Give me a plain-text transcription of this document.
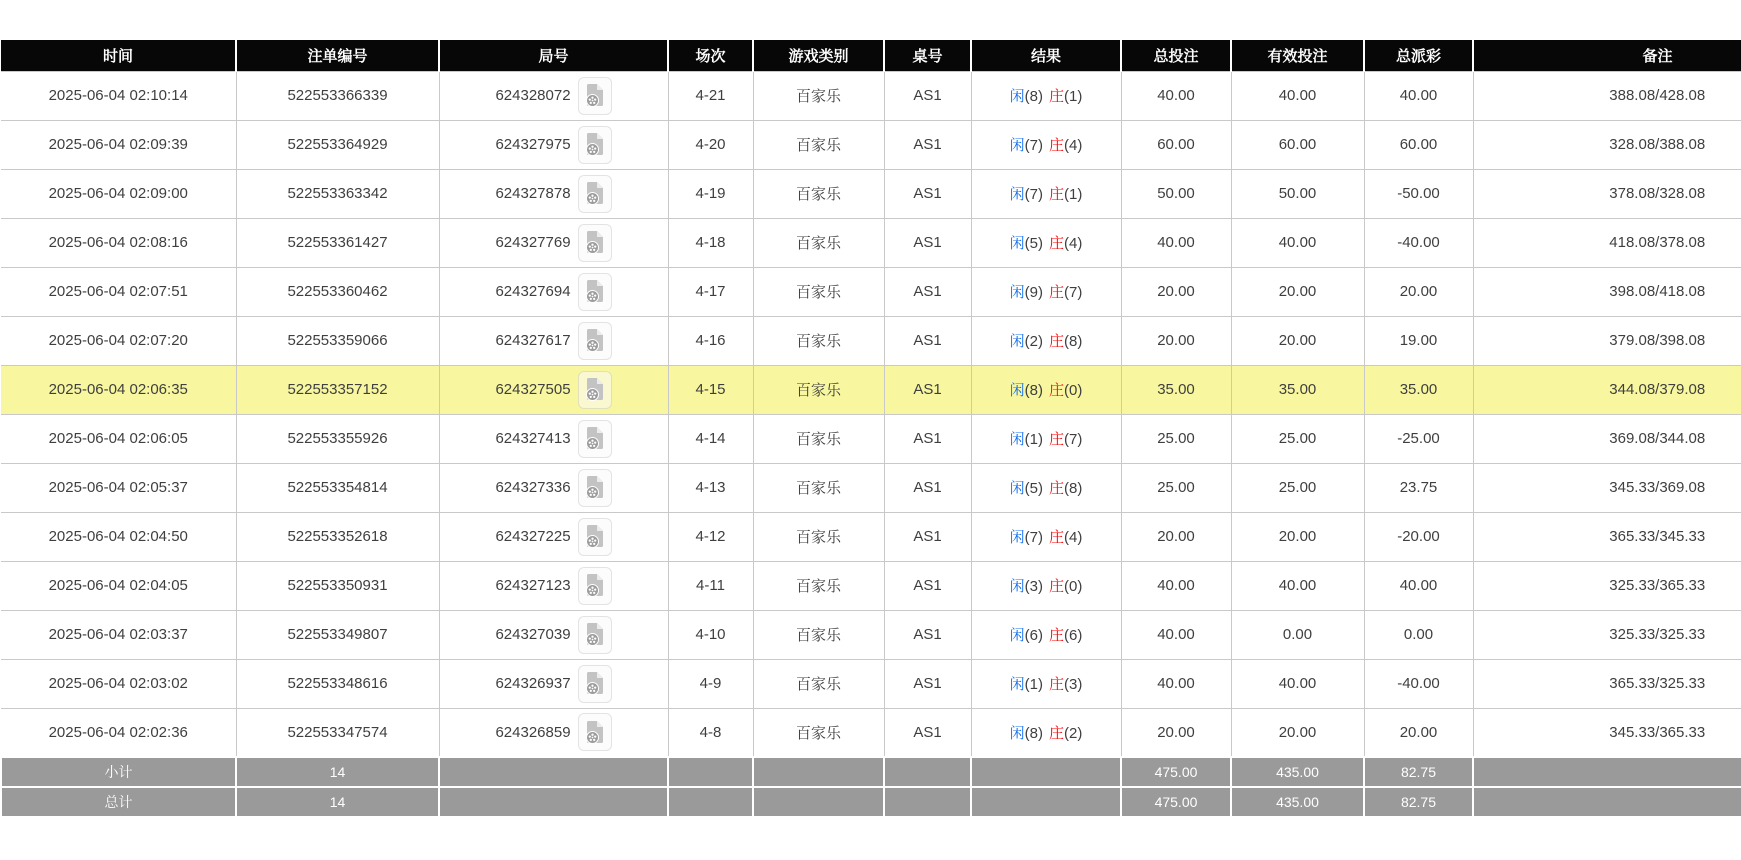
时间	注单编号	局号	场次	游戏类别	桌号	结果	总投注	有效投注	总派彩	备注
2025-06-04 02:10:14	522553366339	624328072	4-21	百家乐	AS1	闲(8) 庄(1)	40.00	40.00	40.00	388.08/428.08
2025-06-04 02:09:39	522553364929	624327975	4-20	百家乐	AS1	闲(7) 庄(4)	60.00	60.00	60.00	328.08/388.08
2025-06-04 02:09:00	522553363342	624327878	4-19	百家乐	AS1	闲(7) 庄(1)	50.00	50.00	-50.00	378.08/328.08
2025-06-04 02:08:16	522553361427	624327769	4-18	百家乐	AS1	闲(5) 庄(4)	40.00	40.00	-40.00	418.08/378.08
2025-06-04 02:07:51	522553360462	624327694	4-17	百家乐	AS1	闲(9) 庄(7)	20.00	20.00	20.00	398.08/418.08
2025-06-04 02:07:20	522553359066	624327617	4-16	百家乐	AS1	闲(2) 庄(8)	20.00	20.00	19.00	379.08/398.08
2025-06-04 02:06:35	522553357152	624327505	4-15	百家乐	AS1	闲(8) 庄(0)	35.00	35.00	35.00	344.08/379.08
2025-06-04 02:06:05	522553355926	624327413	4-14	百家乐	AS1	闲(1) 庄(7)	25.00	25.00	-25.00	369.08/344.08
2025-06-04 02:05:37	522553354814	624327336	4-13	百家乐	AS1	闲(5) 庄(8)	25.00	25.00	23.75	345.33/369.08
2025-06-04 02:04:50	522553352618	624327225	4-12	百家乐	AS1	闲(7) 庄(4)	20.00	20.00	-20.00	365.33/345.33
2025-06-04 02:04:05	522553350931	624327123	4-11	百家乐	AS1	闲(3) 庄(0)	40.00	40.00	40.00	325.33/365.33
2025-06-04 02:03:37	522553349807	624327039	4-10	百家乐	AS1	闲(6) 庄(6)	40.00	0.00	0.00	325.33/325.33
2025-06-04 02:03:02	522553348616	624326937	4-9	百家乐	AS1	闲(1) 庄(3)	40.00	40.00	-40.00	365.33/325.33
2025-06-04 02:02:36	522553347574	624326859	4-8	百家乐	AS1	闲(8) 庄(2)	20.00	20.00	20.00	345.33/365.33
小计	14						475.00	435.00	82.75	
总计	14						475.00	435.00	82.75	
